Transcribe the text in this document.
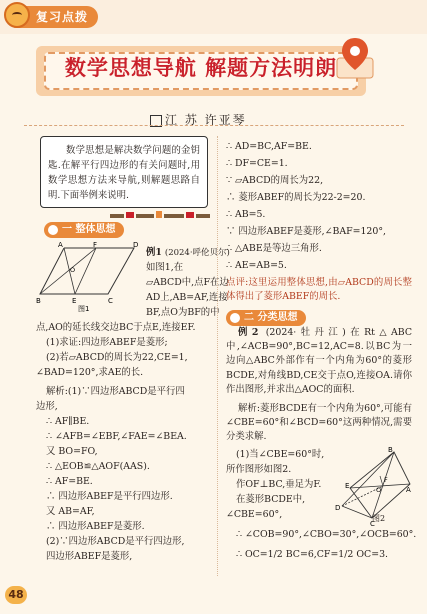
复习点拨
数学思想导航 解题方法明朗
江 苏 许亚琴
数学思想是解决数学问题的金钥匙.在解平行四边形的有关问题时,用数学思想方法来导航,则解题思路自明.下面举例来说明.
一 整体思想
A	F	D
B	E	C
O
图1
例1 (2024·呼伦贝尔)
如图1,在
▱ABCD中,点F在边
AD上,AB=AF,连接
BF,点O为BF的中
点,AO的延长线交边BC于点E,连接EF.
(1)求证:四边形ABEF是菱形;
(2)若▱ABCD的周长为22,CE=1,
∠BAD=120°,求AE的长.
解析:(1)∵四边形ABCD是平行四
边形,
∴ AF∥BE.
∴ ∠AFB=∠EBF,∠FAE=∠BEA.
又 BO=FO,
∴ △EOB≌△AOF(AAS).
∴ AF=BE.
∴ 四边形ABEF是平行四边形.
又 AB=AF,
∴ 四边形ABEF是菱形.
(2)∵四边形ABCD是平行四边形,
四边形ABEF是菱形,
∴ AD=BC,AF=BE.
∴ DF=CE=1.
∵ ▱ABCD的周长为22,
∴ 菱形ABEF的周长为22-2=20.
∴ AB=5.
∵ 四边形ABEF是菱形,∠BAF=120°,
∴ △ABE是等边三角形.
∴ AE=AB=5.
点评:这里运用整体思想,由▱ABCD的周长整体得出了菱形ABEF的周长.
二 分类思想
例2 (2024·牡丹江)在Rt△ABC中,∠ACB=90°,BC=12,AC=8.以BC为一边向△ABC外部作有一个内角为60°的菱形BCDE,对角线BD,CE交于点O,连接OA.请你作出图形,并求出△AOC的面积.
解析:菱形BCDE有一个内角为60°,可能有∠CBE=60°和∠BCD=60°这两种情况,需要分类求解.
(1)当∠CBE=60°时,
所作图形如图2.
作OF⊥BC,垂足为F.
在菱形BCDE中,
∠CBE=60°,
∴ ∠COB=90°,∠CBO=30°,∠OCB=60°.
∴ OC=1/2 BC=6,CF=1/2 OC=3.
B
E
D
A
C
F
O
图2
48
